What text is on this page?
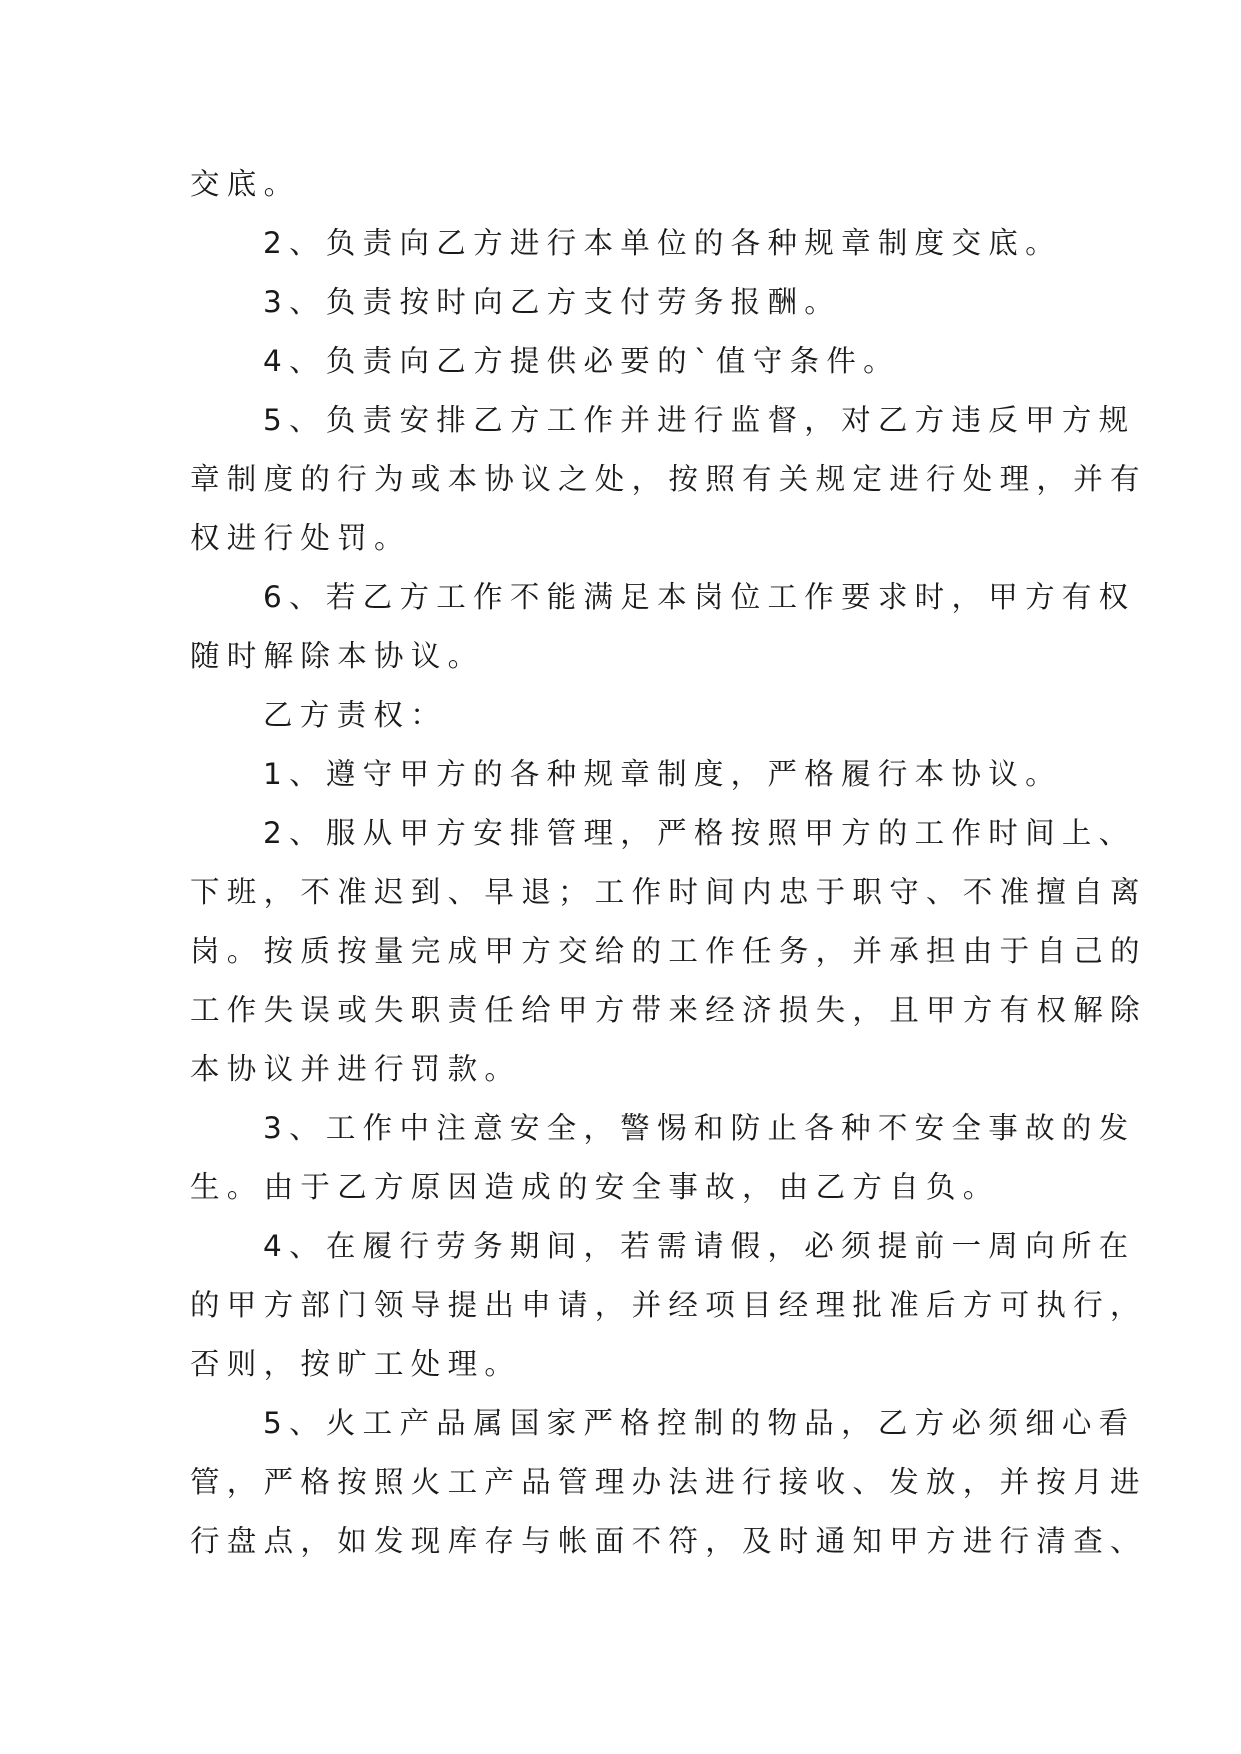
交底。
2、负责向乙方进行本单位的各种规章制度交底。
3、负责按时向乙方支付劳务报酬。
4、负责向乙方提供必要的`值守条件。
5、负责安排乙方工作并进行监督，对乙方违反甲方规
章制度的行为或本协议之处，按照有关规定进行处理，并有
权进行处罚。
6、若乙方工作不能满足本岗位工作要求时，甲方有权
随时解除本协议。
乙方责权：
1、遵守甲方的各种规章制度，严格履行本协议。
2、服从甲方安排管理，严格按照甲方的工作时间上、
下班，不准迟到、早退；工作时间内忠于职守、不准擅自离
岗。按质按量完成甲方交给的工作任务，并承担由于自己的
工作失误或失职责任给甲方带来经济损失，且甲方有权解除
本协议并进行罚款。
3、工作中注意安全，警惕和防止各种不安全事故的发
生。由于乙方原因造成的安全事故，由乙方自负。
4、在履行劳务期间，若需请假，必须提前一周向所在
的甲方部门领导提出申请，并经项目经理批准后方可执行，
否则，按旷工处理。
5、火工产品属国家严格控制的物品，乙方必须细心看
管，严格按照火工产品管理办法进行接收、发放，并按月进
行盘点，如发现库存与帐面不符，及时通知甲方进行清查、
